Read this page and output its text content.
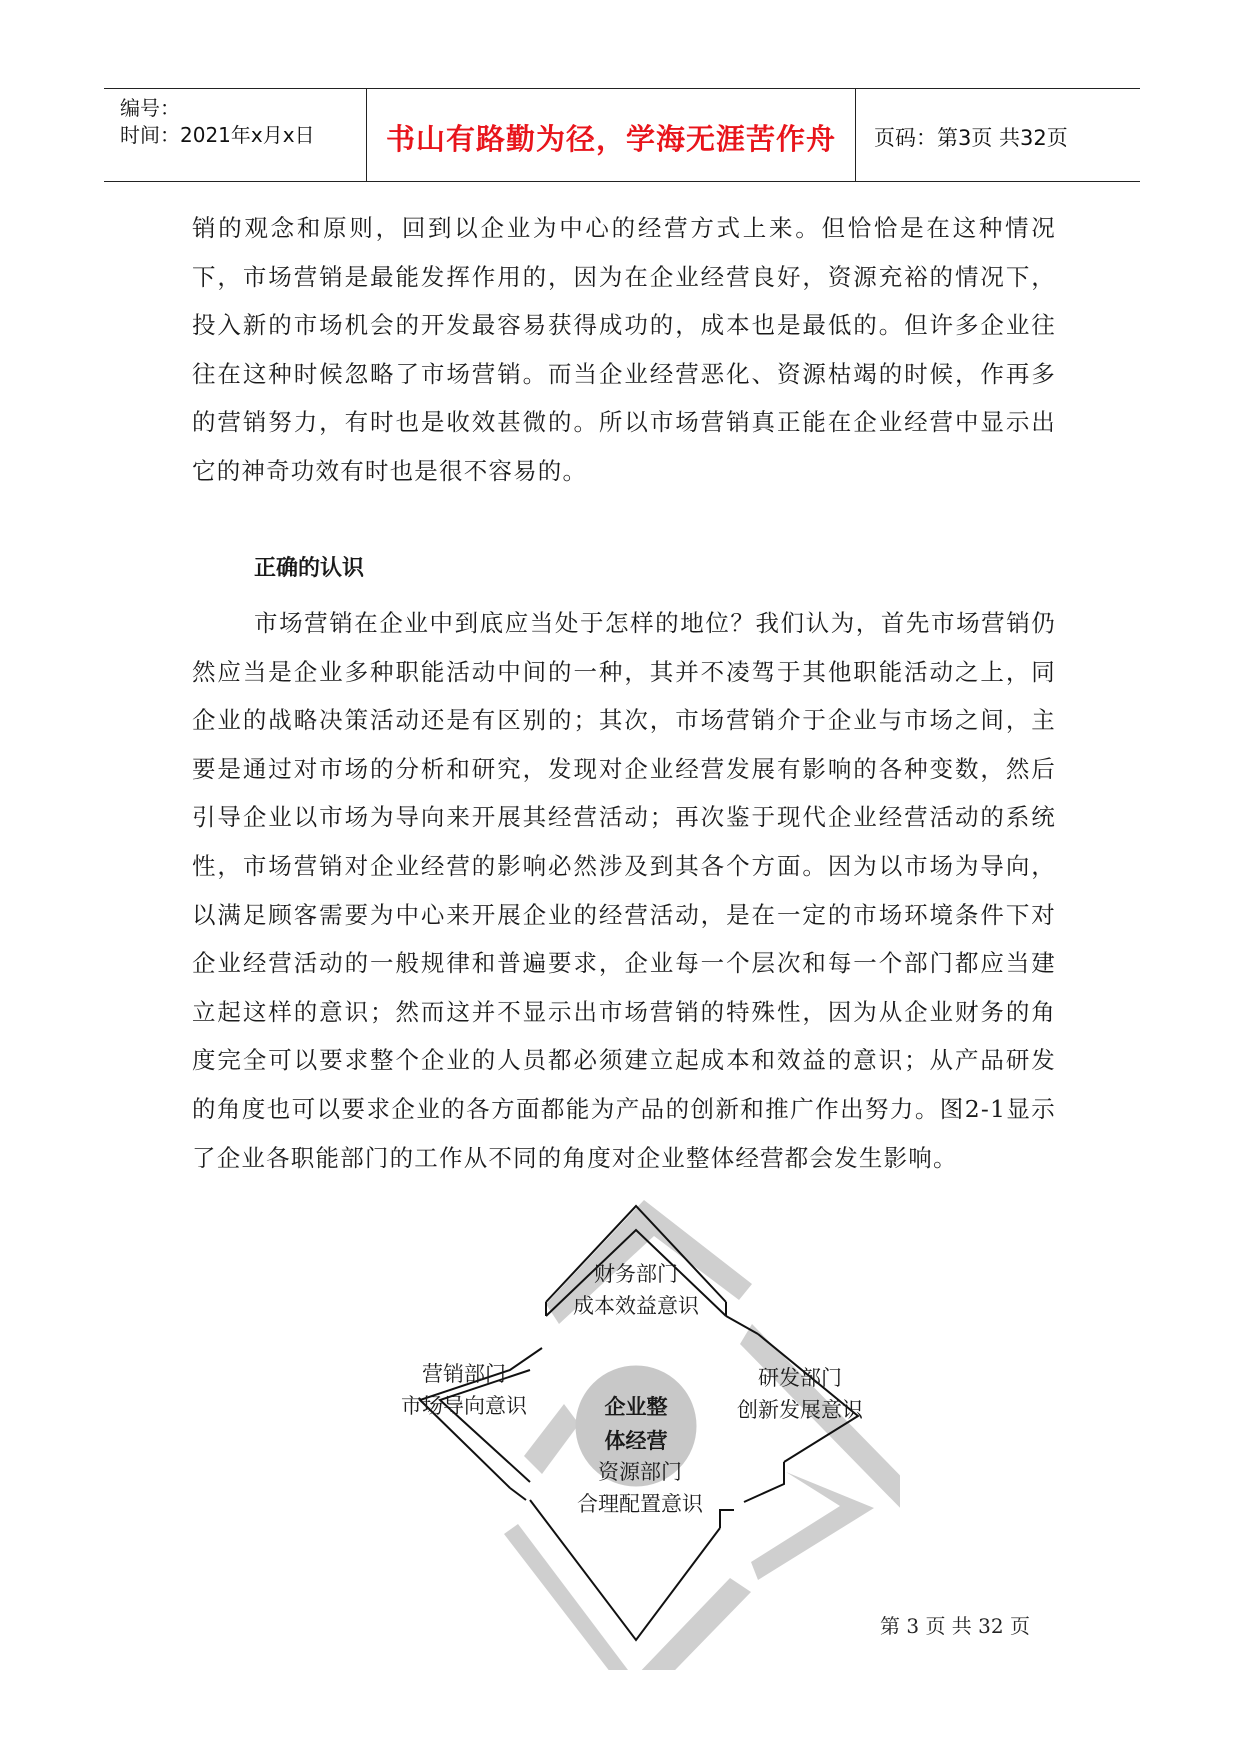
编号：
时间：2021年x月x日	书山有路勤为径，学海无涯苦作舟	页码：第3页 共32页

销的观念和原则，回到以企业为中心的经营方式上来。但恰恰是在这种情况下，市场营销是最能发挥作用的，因为在企业经营良好，资源充裕的情况下，投入新的市场机会的开发最容易获得成功的，成本也是最低的。但许多企业往往在这种时候忽略了市场营销。而当企业经营恶化、资源枯竭的时候，作再多的营销努力，有时也是收效甚微的。所以市场营销真正能在企业经营中显示出它的神奇功效有时也是很不容易的。

正确的认识

市场营销在企业中到底应当处于怎样的地位？我们认为，首先市场营销仍然应当是企业多种职能活动中间的一种，其并不凌驾于其他职能活动之上，同企业的战略决策活动还是有区别的；其次，市场营销介于企业与市场之间，主要是通过对市场的分析和研究，发现对企业经营发展有影响的各种变数，然后引导企业以市场为导向来开展其经营活动；再次鉴于现代企业经营活动的系统性，市场营销对企业经营的影响必然涉及到其各个方面。因为以市场为导向，以满足顾客需要为中心来开展企业的经营活动，是在一定的市场环境条件下对企业经营活动的一般规律和普遍要求，企业每一个层次和每一个部门都应当建立起这样的意识；然而这并不显示出市场营销的特殊性，因为从企业财务的角度完全可以要求整个企业的人员都必须建立起成本和效益的意识；从产品研发的角度也可以要求企业的各方面都能为产品的创新和推广作出努力。图2-1显示了企业各职能部门的工作从不同的角度对企业整体经营都会发生影响。

财务部门
成本效益意识
营销部门
市场导向意识
研发部门
创新发展意识
资源部门
合理配置意识
企业整
体经营
第 3 页 共 32 页
